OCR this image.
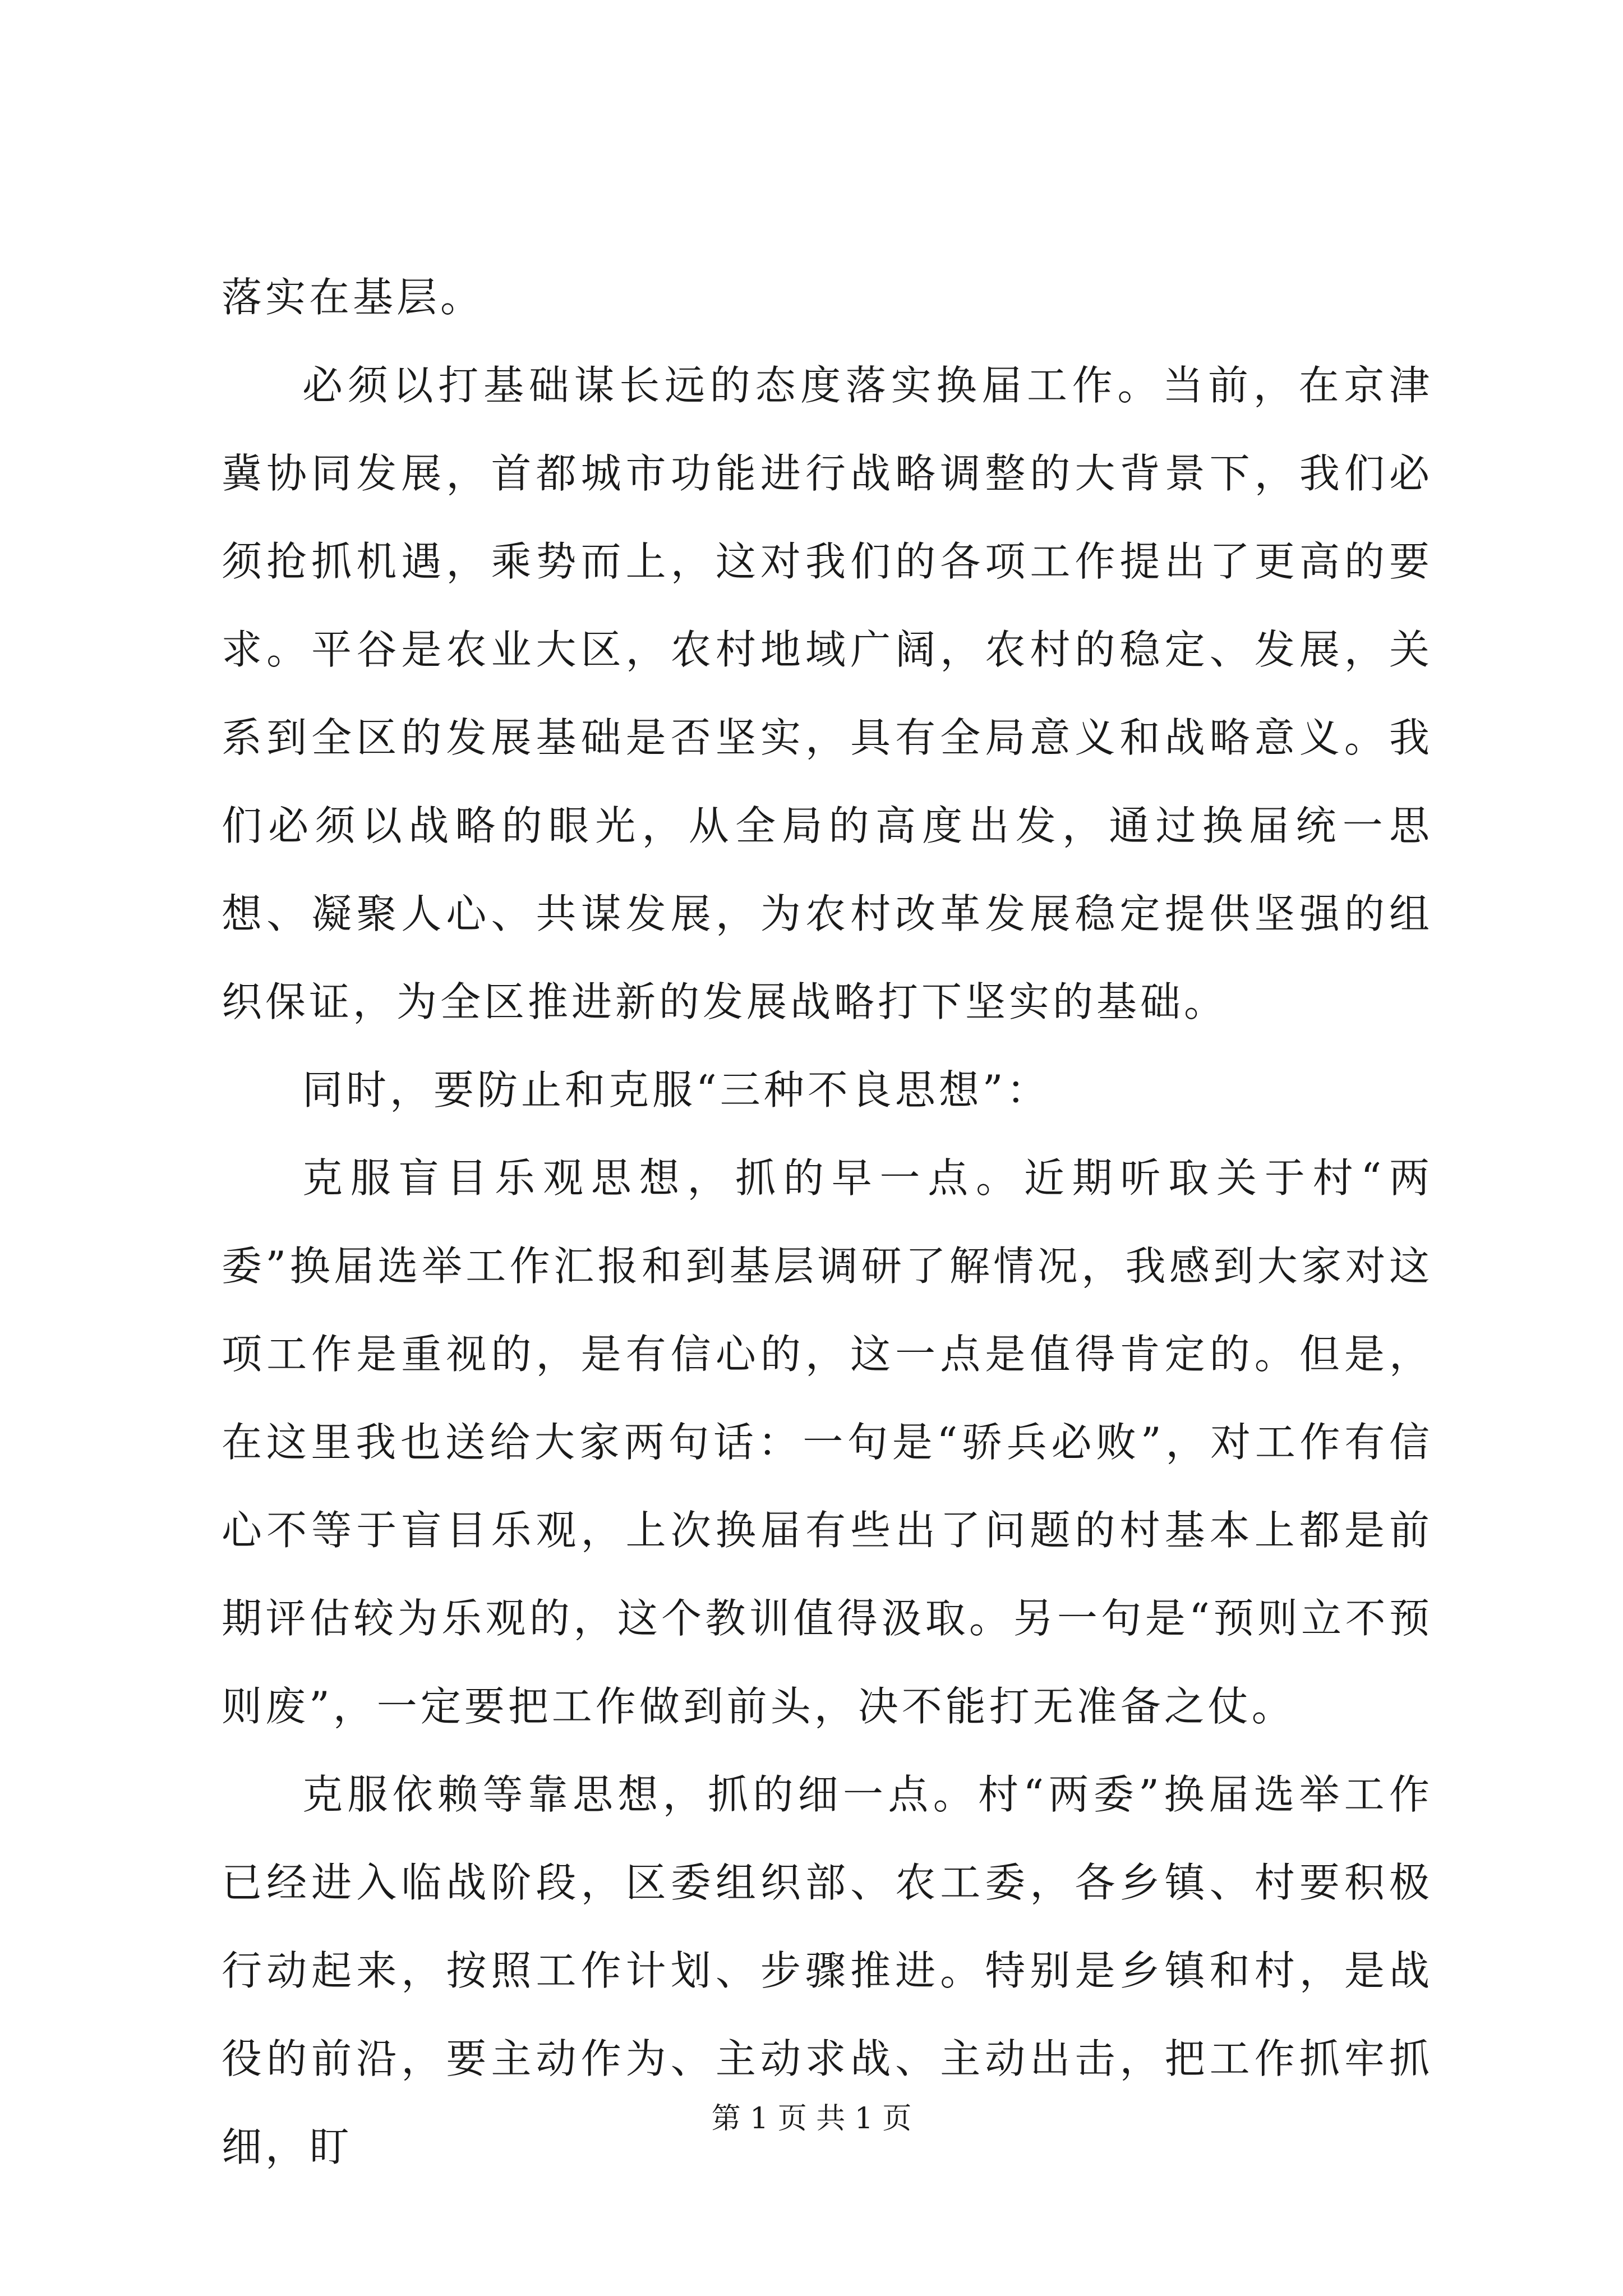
落实在基层。

必须以打基础谋长远的态度落实换届工作。当前，在京津冀协同发展，首都城市功能进行战略调整的大背景下，我们必须抢抓机遇，乘势而上，这对我们的各项工作提出了更高的要求。平谷是农业大区，农村地域广阔，农村的稳定、发展，关系到全区的发展基础是否坚实，具有全局意义和战略意义。我们必须以战略的眼光，从全局的高度出发，通过换届统一思想、凝聚人心、共谋发展，为农村改革发展稳定提供坚强的组织保证，为全区推进新的发展战略打下坚实的基础。

同时，要防止和克服“三种不良思想”：

克服盲目乐观思想，抓的早一点。近期听取关于村“两委”换届选举工作汇报和到基层调研了解情况，我感到大家对这项工作是重视的，是有信心的，这一点是值得肯定的。但是，在这里我也送给大家两句话：一句是“骄兵必败”，对工作有信心不等于盲目乐观，上次换届有些出了问题的村基本上都是前期评估较为乐观的，这个教训值得汲取。另一句是“预则立不预则废”，一定要把工作做到前头，决不能打无准备之仗。

克服依赖等靠思想，抓的细一点。村“两委”换届选举工作已经进入临战阶段，区委组织部、农工委，各乡镇、村要积极行动起来，按照工作计划、步骤推进。特别是乡镇和村，是战役的前沿，要主动作为、主动求战、主动出击，把工作抓牢抓细，盯

第 1 页 共 1 页
